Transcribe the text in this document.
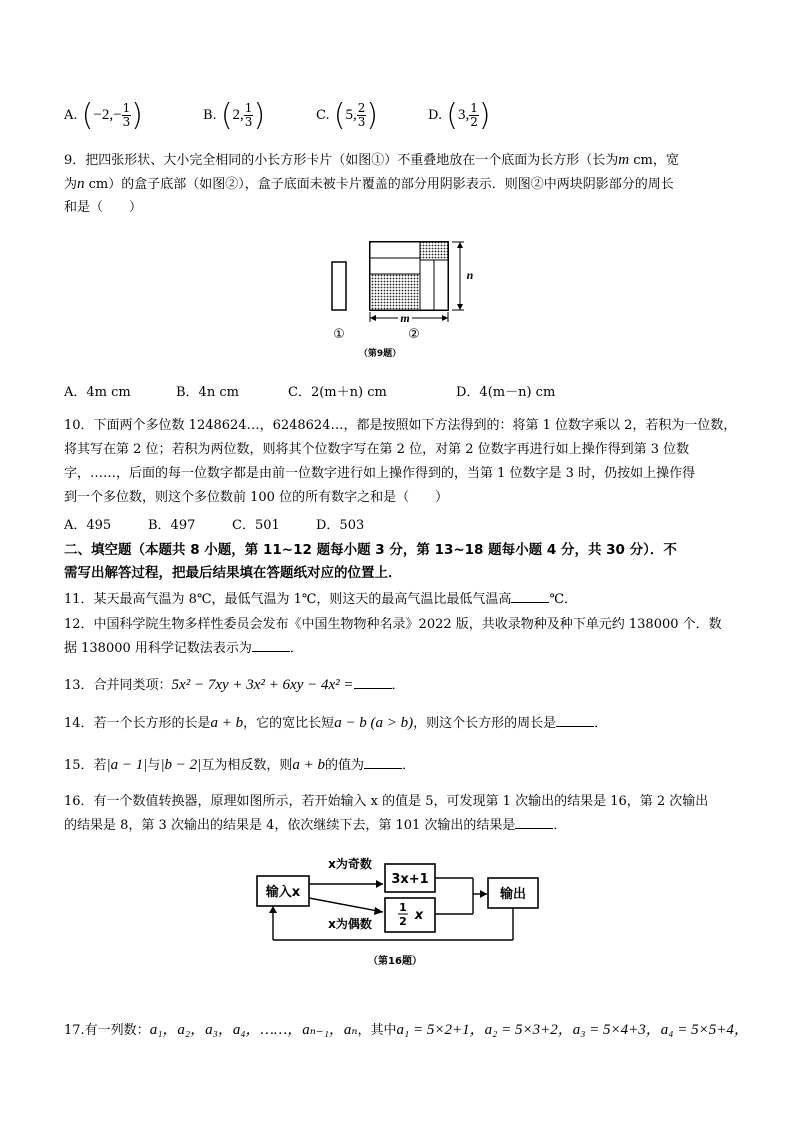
A. ($-2,- \frac{1}{3}$ )	B. (2, $\frac{1}{3}$ )	C. (5, $\frac{2}{3}$ )	D. (3, $\frac{1}{2}$ )
9．把四张形状、大小完全相同的小长方形卡片（如图①）不重叠地放在一个底面为长方形（长为m cm，宽
为n cm）的盒子底部（如图②），盒子底面未被卡片覆盖的部分用阴影表示．则图②中两块阴影部分的周长
和是（　　）
m
n
①	②
（第9题）
A．4m cm	B．4n cm	C．2(m＋n) cm	D．4(m－n) cm
10．下面两个多位数 1248624…，6248624…，都是按照如下方法得到的：将第 1 位数字乘以 2，若积为一位数，
将其写在第 2 位；若积为两位数，则将其个位数字写在第 2 位，对第 2 位数字再进行如上操作得到第 3 位数
字，……，后面的每一位数字都是由前一位数字进行如上操作得到的，当第 1 位数字是 3 时，仍按如上操作得
到一个多位数，则这个多位数前 100 位的所有数字之和是（　　）
A．495	B．497	C．501	D．503
二、填空题（本题共 8 小题，第 11~12 题每小题 3 分，第 13~18 题每小题 4 分，共 30 分）．不
需写出解答过程，把最后结果填在答题纸对应的位置上．
11．某天最高气温为 8℃，最低气温为 1℃，则这天的最高气温比最低气温高	℃．
12．中国科学院生物多样性委员会发布《中国生物物种名录》2022 版，共收录物种及种下单元约 138000 个．数
据 138000 用科学记数法表示为	．
13．合并同类项：5x² − 7xy + 3x² + 6xy − 4x² =	．
14．若一个长方形的长是a + b，它的宽比长短a − b (a > b)，则这个长方形的周长是	．
15．若|a − 1|与|b − 2|互为相反数，则a + b的值为	．
16．有一个数值转换器，原理如图所示，若开始输入 x 的值是 5，可发现第 1 次输出的结果是 16，第 2 次输出
的结果是 8，第 3 次输出的结果是 4，依次继续下去，第 101 次输出的结果是	．
输入x
x为奇数
x为偶数
3x+1
1
2 x
输出
（第16题）
17.有一列数：a₁，a₂，a₃，a₄，……，aₙ₋₁，aₙ，其中a₁ = 5×2+1，a₂ = 5×3+2，a₃ = 5×4+3，a₄ = 5×5+4，
